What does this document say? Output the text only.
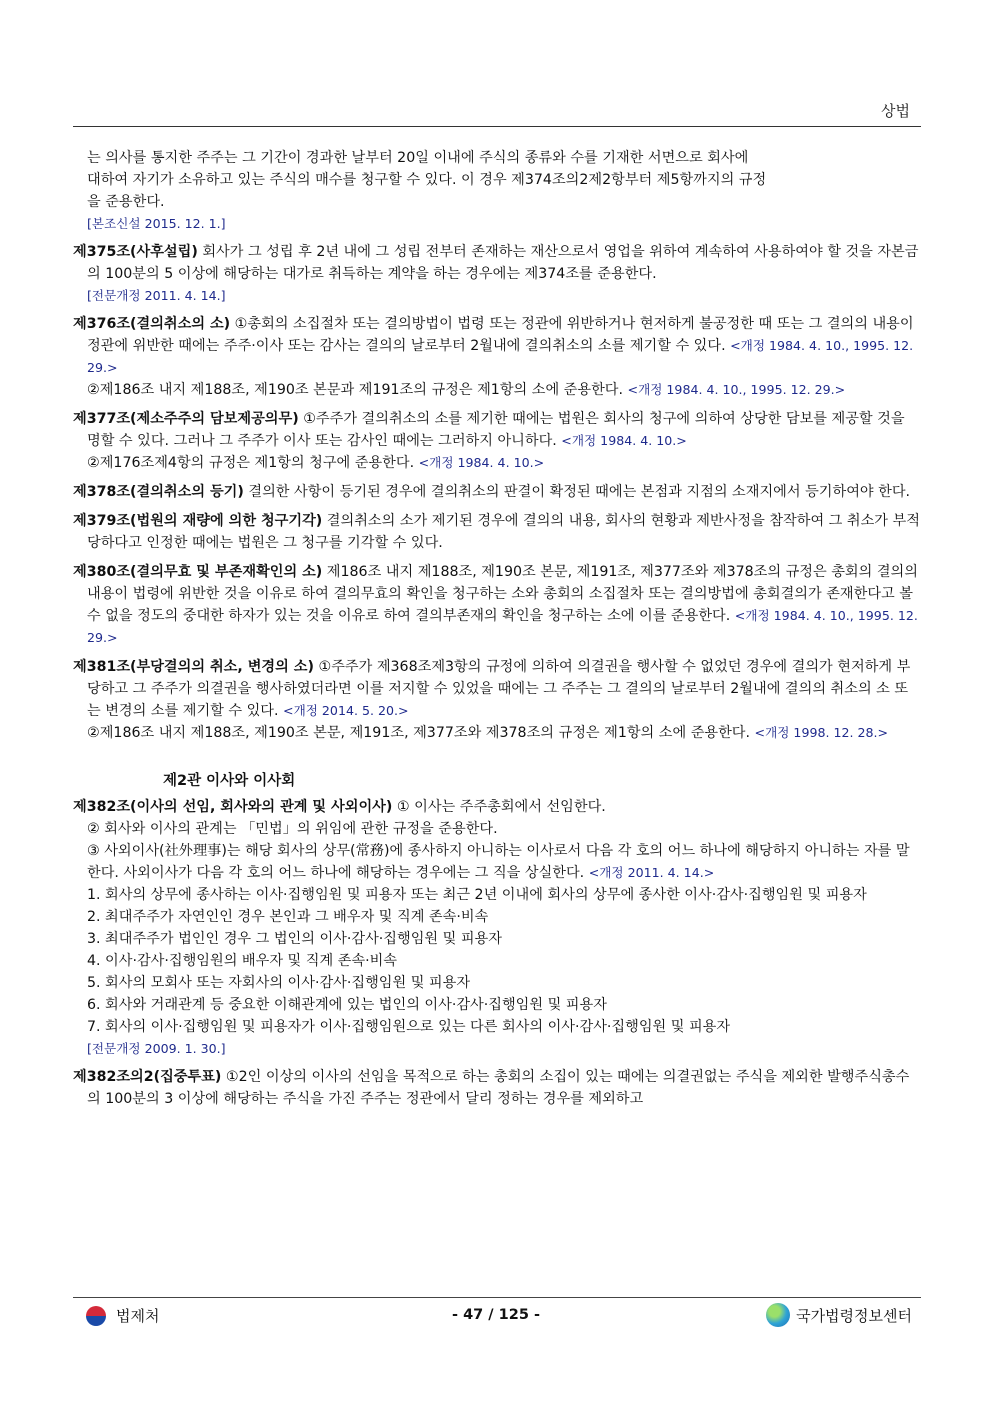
상법
는 의사를 통지한 주주는 그 기간이 경과한 날부터 20일 이내에 주식의 종류와 수를 기재한 서면으로 회사에
대하여 자기가 소유하고 있는 주식의 매수를 청구할 수 있다. 이 경우 제374조의2제2항부터 제5항까지의 규정
을 준용한다.
[본조신설 2015. 12. 1.]
제375조(사후설립) 회사가 그 성립 후 2년 내에 그 성립 전부터 존재하는 재산으로서 영업을 위하여 계속하여 사용하여야 할 것을 자본금의 100분의 5 이상에 해당하는 대가로 취득하는 계약을 하는 경우에는 제374조를 준용한다.
[전문개정 2011. 4. 14.]
제376조(결의취소의 소) ①총회의 소집절차 또는 결의방법이 법령 또는 정관에 위반하거나 현저하게 불공정한 때 또는 그 결의의 내용이 정관에 위반한 때에는 주주·이사 또는 감사는 결의의 날로부터 2월내에 결의취소의 소를 제기할 수 있다. <개정 1984. 4. 10., 1995. 12. 29.>
②제186조 내지 제188조, 제190조 본문과 제191조의 규정은 제1항의 소에 준용한다. <개정 1984. 4. 10., 1995. 12. 29.>
제377조(제소주주의 담보제공의무) ①주주가 결의취소의 소를 제기한 때에는 법원은 회사의 청구에 의하여 상당한 담보를 제공할 것을 명할 수 있다. 그러나 그 주주가 이사 또는 감사인 때에는 그러하지 아니하다. <개정 1984. 4. 10.>
②제176조제4항의 규정은 제1항의 청구에 준용한다. <개정 1984. 4. 10.>
제378조(결의취소의 등기) 결의한 사항이 등기된 경우에 결의취소의 판결이 확정된 때에는 본점과 지점의 소재지에서 등기하여야 한다.
제379조(법원의 재량에 의한 청구기각) 결의취소의 소가 제기된 경우에 결의의 내용, 회사의 현황과 제반사정을 참작하여 그 취소가 부적당하다고 인정한 때에는 법원은 그 청구를 기각할 수 있다.
제380조(결의무효 및 부존재확인의 소) 제186조 내지 제188조, 제190조 본문, 제191조, 제377조와 제378조의 규정은 총회의 결의의 내용이 법령에 위반한 것을 이유로 하여 결의무효의 확인을 청구하는 소와 총회의 소집절차 또는 결의방법에 총회결의가 존재한다고 볼 수 없을 정도의 중대한 하자가 있는 것을 이유로 하여 결의부존재의 확인을 청구하는 소에 이를 준용한다. <개정 1984. 4. 10., 1995. 12. 29.>
제381조(부당결의의 취소, 변경의 소) ①주주가 제368조제3항의 규정에 의하여 의결권을 행사할 수 없었던 경우에 결의가 현저하게 부당하고 그 주주가 의결권을 행사하였더라면 이를 저지할 수 있었을 때에는 그 주주는 그 결의의 날로부터 2월내에 결의의 취소의 소 또는 변경의 소를 제기할 수 있다. <개정 2014. 5. 20.>
②제186조 내지 제188조, 제190조 본문, 제191조, 제377조와 제378조의 규정은 제1항의 소에 준용한다. <개정 1998. 12. 28.>
제2관 이사와 이사회
제382조(이사의 선임, 회사와의 관계 및 사외이사) ① 이사는 주주총회에서 선임한다.
② 회사와 이사의 관계는 「민법」의 위임에 관한 규정을 준용한다.
③ 사외이사(社外理事)는 해당 회사의 상무(常務)에 종사하지 아니하는 이사로서 다음 각 호의 어느 하나에 해당하지 아니하는 자를 말한다. 사외이사가 다음 각 호의 어느 하나에 해당하는 경우에는 그 직을 상실한다. <개정 2011. 4. 14.>
1. 회사의 상무에 종사하는 이사·집행임원 및 피용자 또는 최근 2년 이내에 회사의 상무에 종사한 이사·감사·집행임원 및 피용자
2. 최대주주가 자연인인 경우 본인과 그 배우자 및 직계 존속·비속
3. 최대주주가 법인인 경우 그 법인의 이사·감사·집행임원 및 피용자
4. 이사·감사·집행임원의 배우자 및 직계 존속·비속
5. 회사의 모회사 또는 자회사의 이사·감사·집행임원 및 피용자
6. 회사와 거래관계 등 중요한 이해관계에 있는 법인의 이사·감사·집행임원 및 피용자
7. 회사의 이사·집행임원 및 피용자가 이사·집행임원으로 있는 다른 회사의 이사·감사·집행임원 및 피용자
[전문개정 2009. 1. 30.]
제382조의2(집중투표) ①2인 이상의 이사의 선임을 목적으로 하는 총회의 소집이 있는 때에는 의결권없는 주식을 제외한 발행주식총수의 100분의 3 이상에 해당하는 주식을 가진 주주는 정관에서 달리 정하는 경우를 제외하고
법제처	- 47 / 125 -	국가법령정보센터
